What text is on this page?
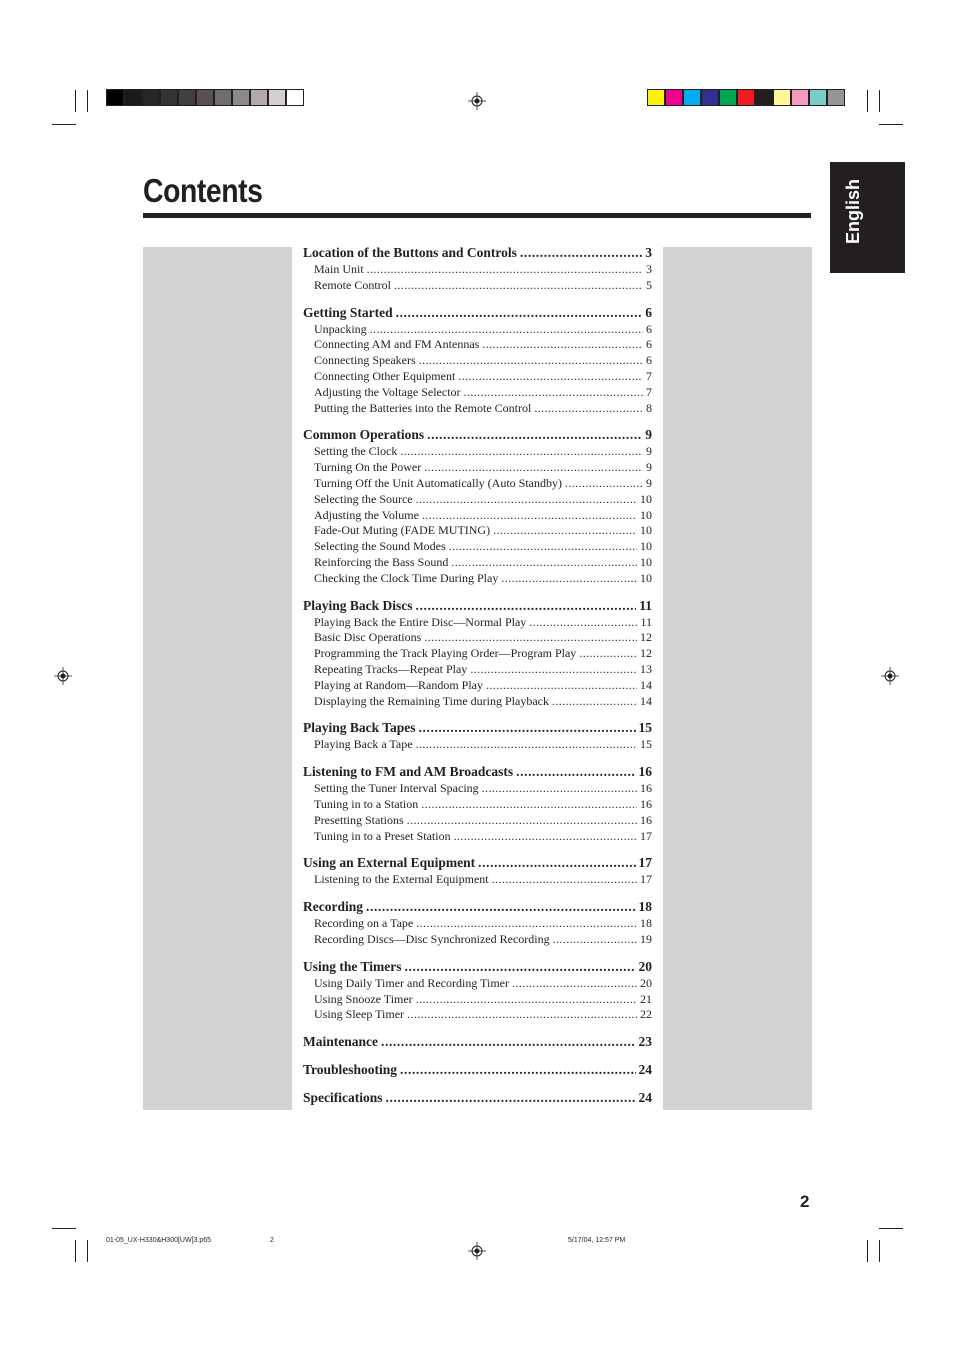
Contents	English
Location of the Buttons and Controls .....	3
Main Unit .....	3
Remote Control .....	5
Getting Started .....	6
Unpacking .....	6
Connecting AM and FM Antennas .....	6
Connecting Speakers .....	6
Connecting Other Equipment .....	7
Adjusting the Voltage Selector .....	7
Putting the Batteries into the Remote Control .....	8
Common Operations .....	9
Setting the Clock .....	9
Turning On the Power .....	9
Turning Off the Unit Automatically (Auto Standby) .....	9
Selecting the Source .....	10
Adjusting the Volume .....	10
Fade-Out Muting (FADE MUTING) .....	10
Selecting the Sound Modes .....	10
Reinforcing the Bass Sound .....	10
Checking the Clock Time During Play .....	10
Playing Back Discs .....	11
Playing Back the Entire Disc—Normal Play .....	11
Basic Disc Operations .....	12
Programming the Track Playing Order—Program Play .....	12
Repeating Tracks—Repeat Play .....	13
Playing at Random—Random Play .....	14
Displaying the Remaining Time during Playback .....	14
Playing Back Tapes .....	15
Playing Back a Tape .....	15
Listening to FM and AM Broadcasts .....	16
Setting the Tuner Interval Spacing .....	16
Tuning in to a Station .....	16
Presetting Stations .....	16
Tuning in to a Preset Station .....	17
Using an External Equipment .....	17
Listening to the External Equipment .....	17
Recording .....	18
Recording on a Tape .....	18
Recording Discs—Disc Synchronized Recording .....	19
Using the Timers .....	20
Using Daily Timer and Recording Timer .....	20
Using Snooze Timer .....	21
Using Sleep Timer .....	22
Maintenance .....	23
Troubleshooting .....	24
Specifications .....	24
2
01-05_UX-H330&H300[UW]3.p65	2	5/17/04, 12:57 PM
